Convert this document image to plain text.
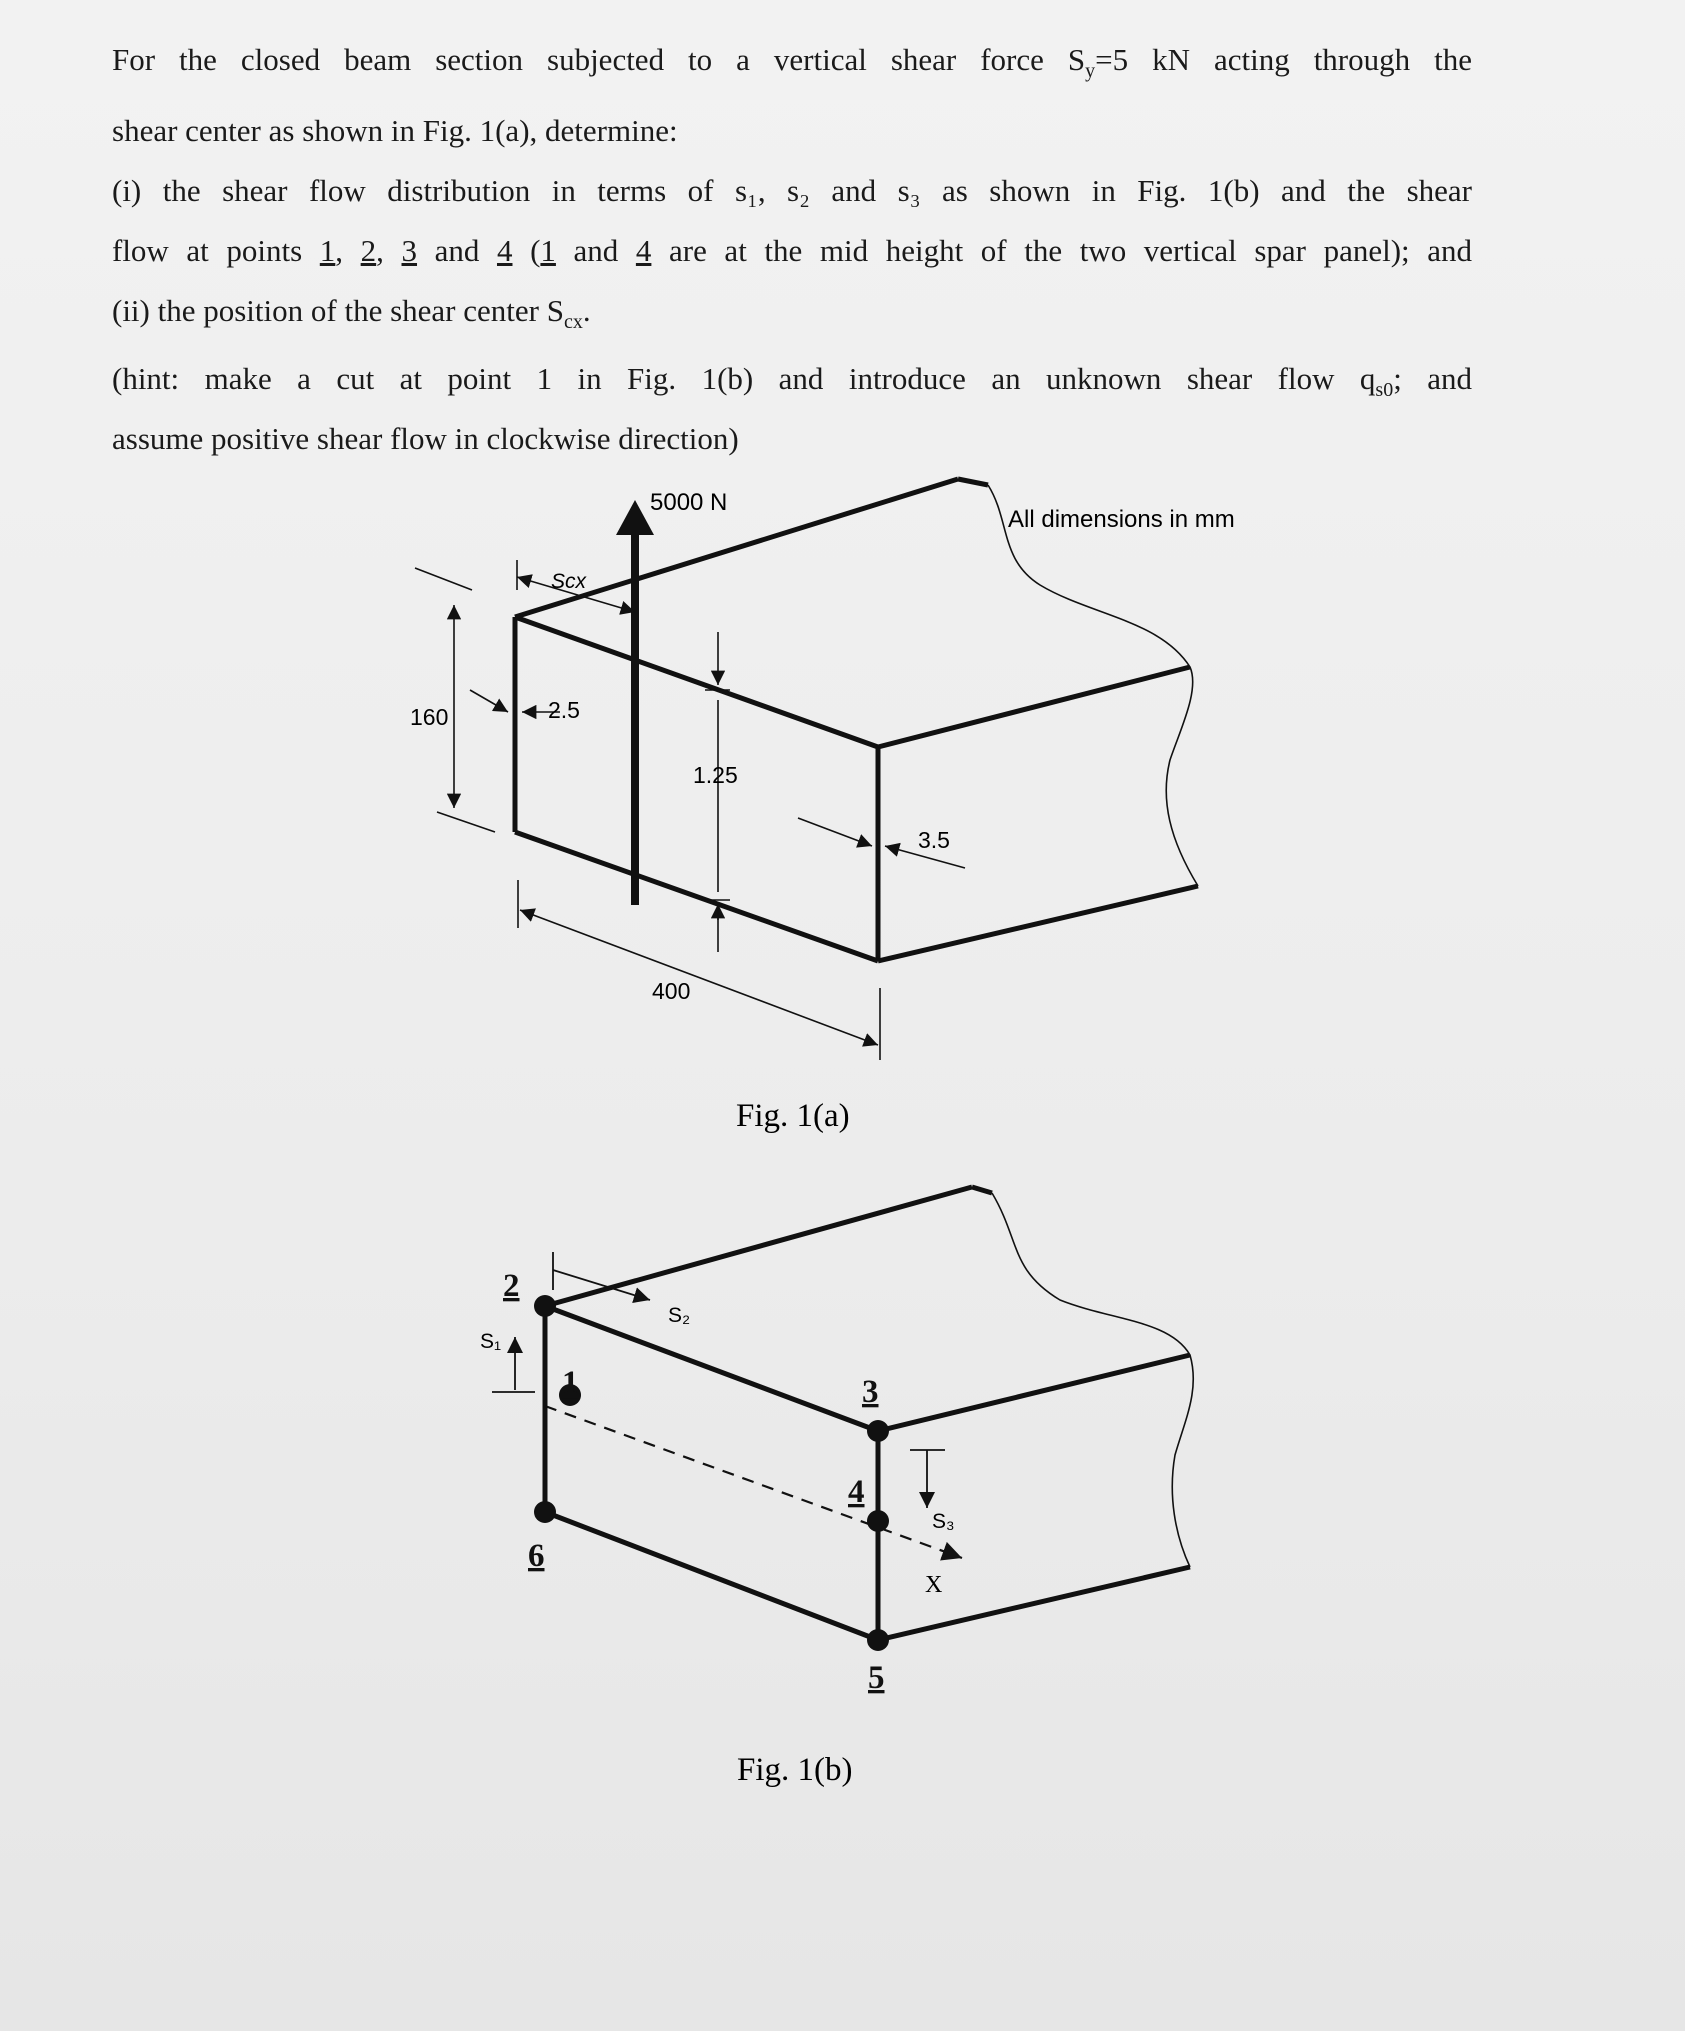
For the closed beam section subjected to a vertical shear force $S_y=5$ kN acting through the

shear center as shown in Fig. 1(a), determine:

(i) the shear flow distribution in terms of s₁, s₂ and s₃ as shown in Fig. 1(b) and the shear

flow at points 1, 2, 3 and 4 (1 and 4 are at the mid height of the two vertical spar panel); and

(ii) the position of the shear center $S_{cx}$.

(hint: make a cut at point 1 in Fig. 1(b) and introduce an unknown shear flow $q_{s0}$; and

assume positive shear flow in clockwise direction)

5000 N
All dimensions in mm
Scx
160	2.5
1.25
3.5
400
Fig. 1(a)
2
1
6
3
4
5
S₁
S₂
S₃
X
Fig. 1(b)
